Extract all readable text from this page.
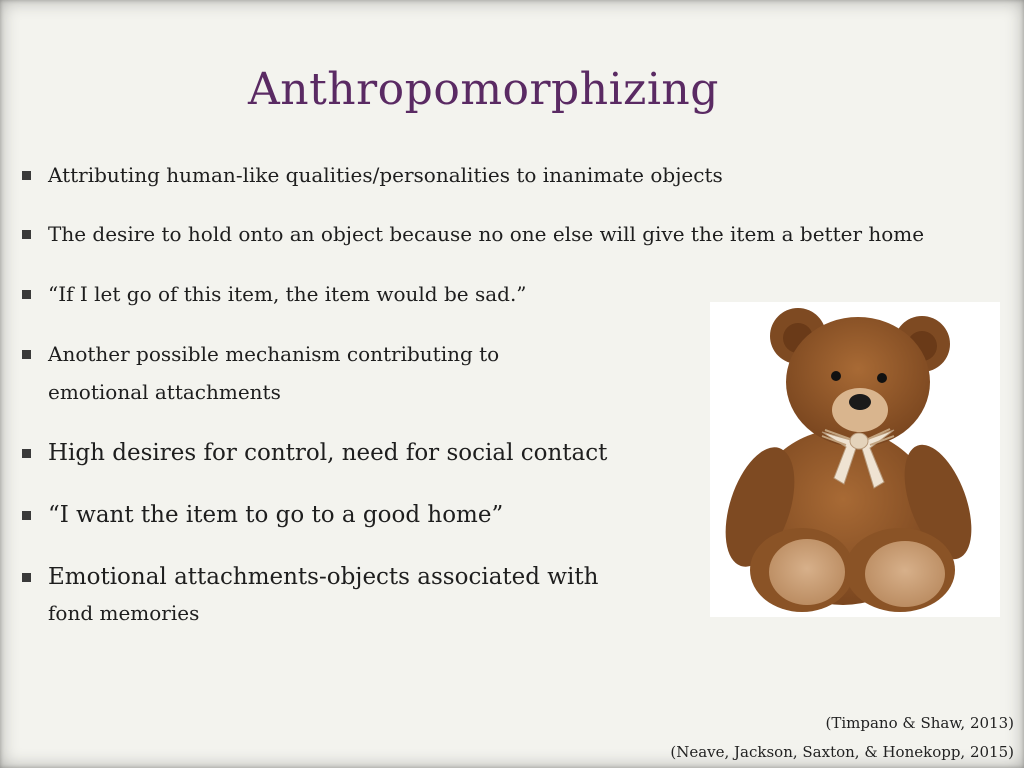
Anthropomorphizing
Attributing human-like qualities/personalities to inanimate objects
The desire to hold onto an object because no one else will give the item a better home
“If I let go of this item, the item would be sad.”
Another possible mechanism contributing to
emotional attachments
High desires for control, need for social contact
“I want the item to go to a good home”
Emotional attachments-objects associated with
fond memories
(Timpano & Shaw, 2013)
(Neave, Jackson, Saxton, & Honekopp, 2015)
